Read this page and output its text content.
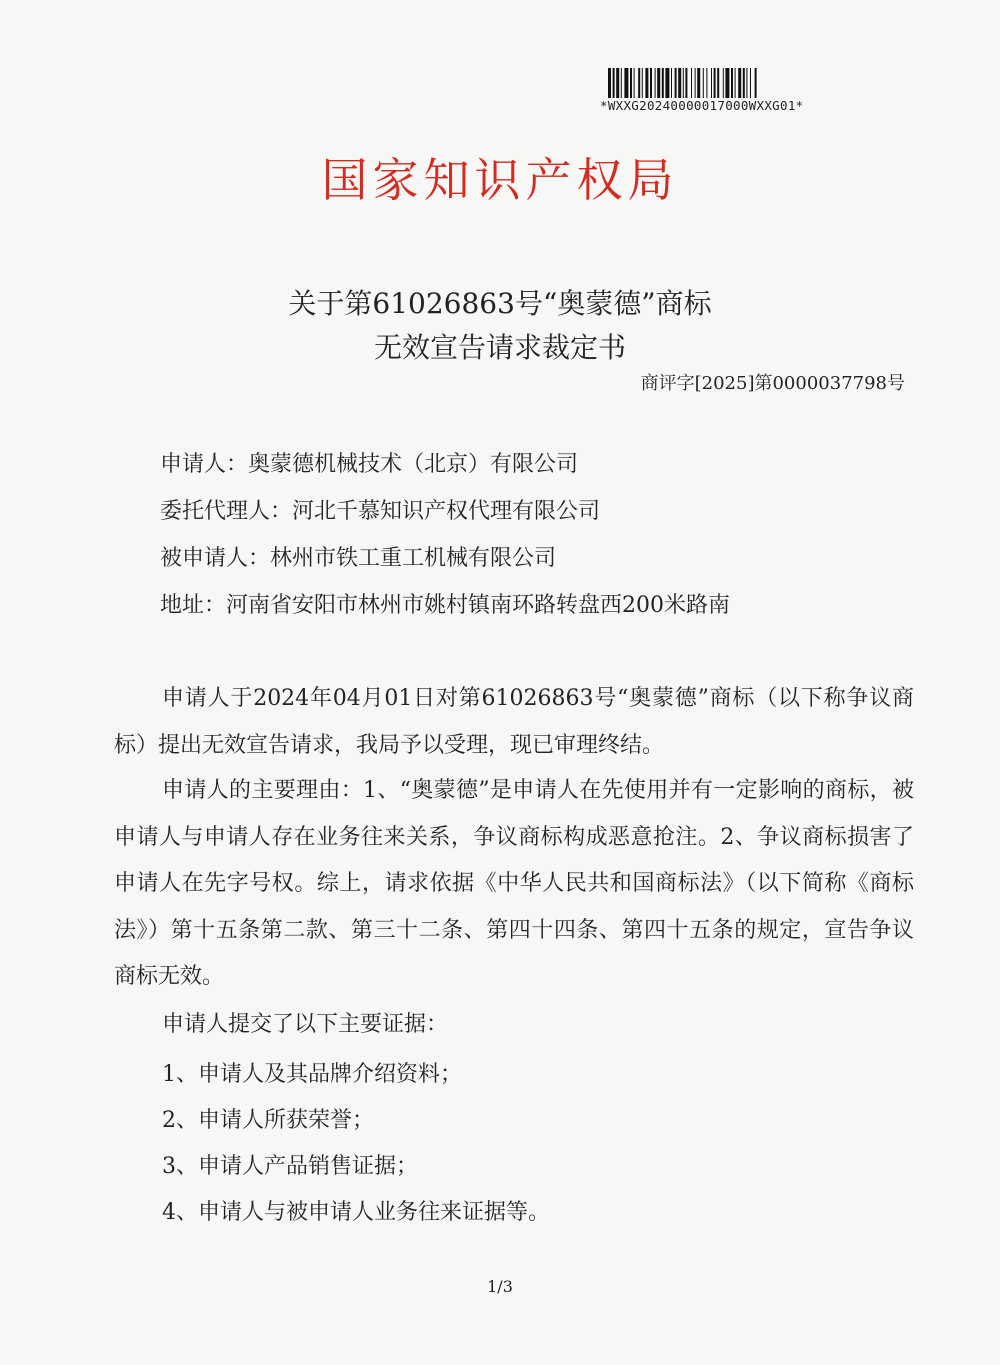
*WXXG20240000017000WXXG01*
国家知识产权局
关于第61026863号“奥蒙德”商标
无效宣告请求裁定书
商评字[2025]第0000037798号
申请人：奥蒙德机械技术（北京）有限公司
委托代理人：河北千慕知识产权代理有限公司
被申请人：林州市铁工重工机械有限公司
地址：河南省安阳市林州市姚村镇南环路转盘西200米路南
申请人于2024年04月01日对第61026863号“奥蒙德”商标（以下称争议商标）提出无效宣告请求，我局予以受理，现已审理终结。
申请人的主要理由：1、“奥蒙德”是申请人在先使用并有一定影响的商标，被申请人与申请人存在业务往来关系，争议商标构成恶意抢注。2、争议商标损害了申请人在先字号权。综上，请求依据《中华人民共和国商标法》（以下简称《商标法》）第十五条第二款、第三十二条、第四十四条、第四十五条的规定，宣告争议商标无效。
申请人提交了以下主要证据：
1、申请人及其品牌介绍资料；
2、申请人所获荣誉；
3、申请人产品销售证据；
4、申请人与被申请人业务往来证据等。
1/3
